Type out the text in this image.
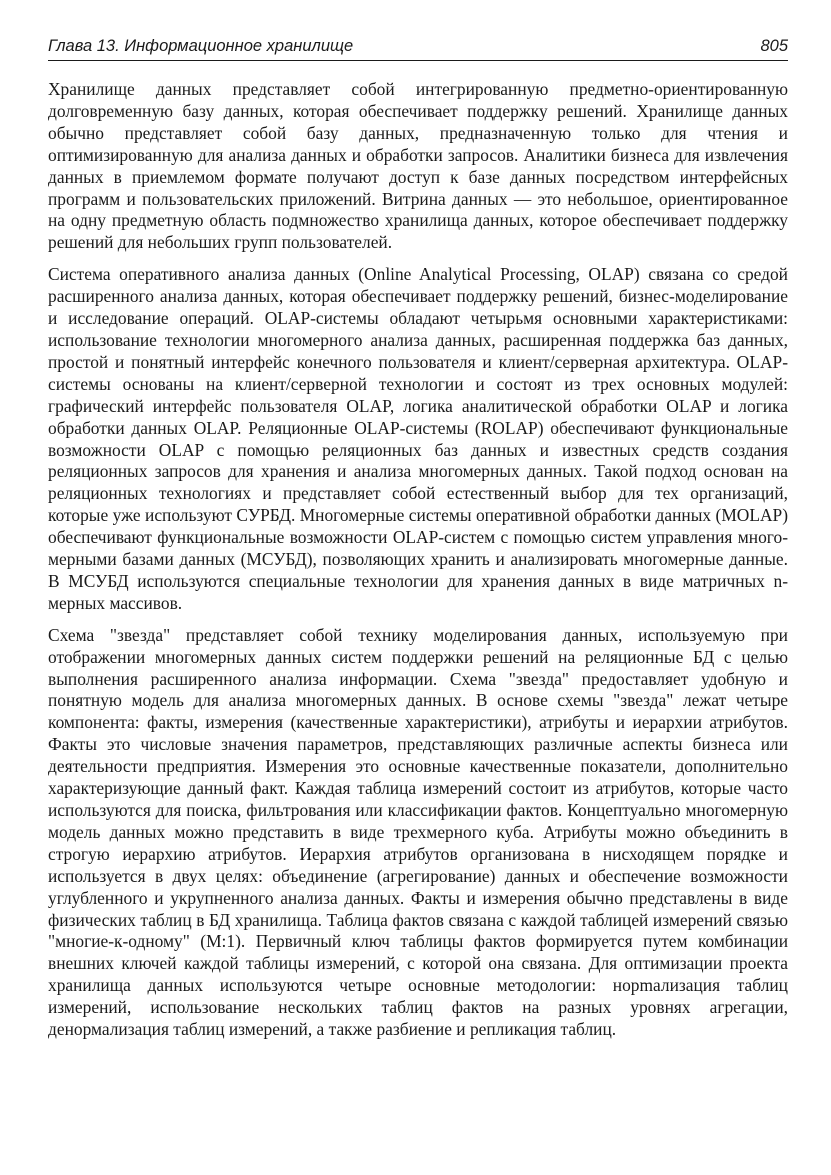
Глава 13. Информационное хранилище	805

Хранилище данных представляет собой интегрированную предметно-ориентированную долговременную базу данных, которая обеспечивает поддержку решений. Хранилище данных обычно представляет собой базу данных, предназначенную только для чтения и оптимизированную для анализа данных и обработки запросов. Аналитики бизнеса для извлечения данных в приемлемом формате получают доступ к базе данных посредством интерфейсных программ и пользовательских приложений. Витрина данных — это небольшое, ориентированное на одну предметную область подмножество хранилища данных, которое обеспечивает поддержку решений для небольших групп пользователей.

Система оперативного анализа данных (Online Analytical Processing, OLAP) связана со средой расширенного анализа данных, которая обеспечивает поддержку решений, бизнес-моделирование и исследование операций. OLAP-системы обладают четырьмя основными характеристиками: использование технологии многомерного анализа данных, расширенная поддержка баз данных, простой и понятный интерфейс конечного пользователя и клиент/серверная архитектура. OLAP-системы основаны на клиент/серверной технологии и состоят из трех основных модулей: графический интерфейс пользователя OLAP, логика аналитической обработки OLAP и логика обработки данных OLAP. Реляционные OLAP-системы (ROLAP) обеспечивают функциональные возможности OLAP с помощью реляционных баз данных и известных средств создания реляционных запросов для хранения и анализа многомерных данных. Такой подход основан на реляционных технологиях и представляет собой естественный выбор для тех организаций, которые уже используют СУРБД. Многомерные системы оперативной обработки данных (MOLAP) обеспечивают функциональные возможности OLAP-систем с помощью систем управления многомерными базами данных (МСУБД), позволяющих хранить и анализировать многомерные данные. В МСУБД используются специальные технологии для хранения данных в виде матричных n-мерных массивов.

Схема "звезда" представляет собой технику моделирования данных, используемую при отображении многомерных данных систем поддержки решений на реляционные БД с целью выполнения расширенного анализа информации. Схема "звезда" предоставляет удобную и понятную модель для анализа многомерных данных. В основе схемы "звезда" лежат четыре компонента: факты, измерения (качественные характеристики), атрибуты и иерархии атрибутов. Факты это числовые значения параметров, представляющих различные аспекты бизнеса или деятельности предприятия. Измерения это основные качественные показатели, дополнительно характеризующие данный факт. Каждая таблица измерений состоит из атрибутов, которые часто используются для поиска, фильтрования или классификации фактов. Концептуально многомерную модель данных можно представить в виде трехмерного куба. Атрибуты можно объединить в строгую иерархию атрибутов. Иерархия атрибутов организована в нисходящем порядке и используется в двух целях: объединение (агрегирование) данных и обеспечение возможности углубленного и укрупненного анализа данных. Факты и измерения обычно представлены в виде физических таблиц в БД хранилища. Таблица фактов связана с каждой таблицей измерений связью "многие-к-одному" (M:1). Первичный ключ таблицы фактов формируется путем комбинации внешних ключей каждой таблицы измерений, с которой она связана. Для оптимизации проекта хранилища данных используются четыре основные методологии: норmализация таблиц измерений, использование нескольких таблиц фактов на разных уровнях агрегации, денормализация таблиц измерений, а также разбиение и репликация таблиц.
